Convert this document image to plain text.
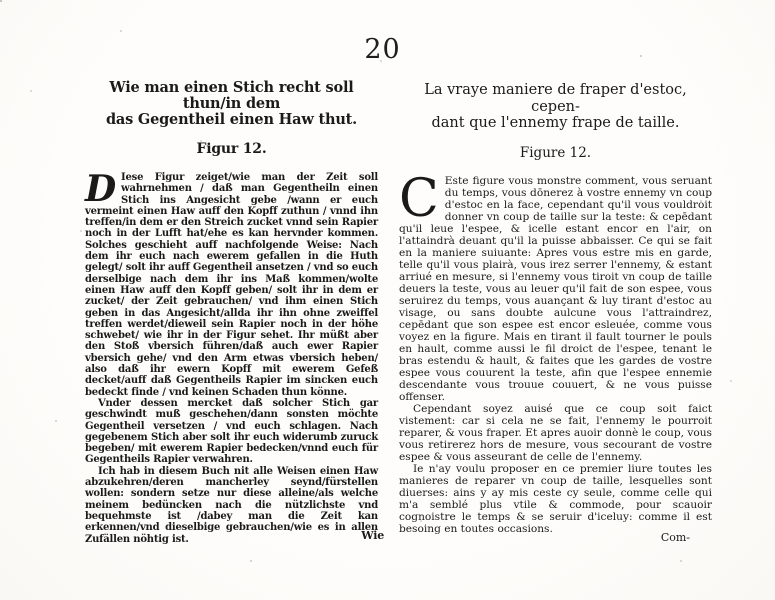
20
Wie man einen Stich recht soll thun/in dem
das Gegentheil einen Haw thut.
Figur 12.

D Iese Figur zeiget/wie man der Zeit soll wahrnehmen / daß man Gegentheiln einen Stich ins Angesicht gebe /wann er euch vermeint einen Haw auff den Kopff zuthun / vnnd ihn treffen/in dem er den Streich zucket vnnd sein Rapier noch in der Lufft hat/ehe es kan hervnder kommen. Solches geschieht auff nachfolgende Weise: Nach dem ihr euch nach ewerem gefallen in die Huth gelegt/ solt ihr auff Gegentheil ansetzen / vnd so euch derselbige nach dem ihr ins Maß kommen/wolte einen Haw auff den Kopff geben/ solt ihr in dem er zucket/ der Zeit gebrauchen/ vnd ihm einen Stich geben in das Angesicht/allda ihr ihn ohne zweiffel treffen werdet/dieweil sein Rapier noch in der höhe schwebet/ wie ihr in der Figur sehet. Ihr müßt aber den Stoß vbersich führen/daß auch ewer Rapier vbersich gehe/ vnd den Arm etwas vbersich heben/ also daß ihr ewern Kopff mit ewerem Gefeß decket/auff daß Gegentheils Rapier im sincken euch bedeckt finde / vnd keinen Schaden thun könne.

Vnder dessen mercket daß solcher Stich gar geschwindt muß geschehen/dann sonsten möchte Gegentheil versetzen / vnd euch schlagen. Nach gegebenem Stich aber solt ihr euch widerumb zuruck begeben/ mit ewerem Rapier bedecken/vnnd euch für Gegentheils Rapier verwahren.

Ich hab in diesem Buch nit alle Weisen einen Haw abzukehren/deren mancherley seynd/fürstellen wollen: sondern setze nur diese alleine/als welche meinem bedüncken nach die nützlichste vnd bequehmste ist /dabey man die Zeit kan erkennen/vnd dieselbige gebrauchen/wie es in allen Zufällen nöhtig ist.	Wie
La vraye maniere de fraper d'estoc, cepen-
dant que l'ennemy frape de taille.
Figure 12.

C Este figure vous monstre comment, vous seruant du temps, vous dōnerez à vostre ennemy vn coup d'estoc en la face, cependant qu'il vous vouldroit donner vn coup de taille sur la teste: & cepēdant qu'il leue l'espee, & icelle estant encor en l'air, on l'attaindrà deuant qu'il la puisse abbaisser. Ce qui se fait en la maniere suiuante: Apres vous estre mis en garde, telle qu'il vous plairà, vous irez serrer l'ennemy, & estant arriué en mesure, si l'ennemy vous tiroit vn coup de taille deuers la teste, vous au leuer qu'il fait de son espee, vous seruirez du temps, vous auançant & luy tirant d'estoc au visage, ou sans doubte aulcune vous l'attraindrez, cepēdant que son espee est encor esleuée, comme vous voyez en la figure. Mais en tirant il fault tourner le pouls en hault, comme aussi le fil droict de l'espee, tenant le bras estendu & hault, & faites que les gardes de vostre espee vous couurent la teste, afin que l'espee ennemie descendante vous trouue couuert, & ne vous puisse offenser.

Cependant soyez auisé que ce coup soit faict vistement: car si cela ne se fait, l'ennemy le pourroit reparer, & vous fraper. Et apres auoir donnè le coup, vous vous retirerez hors de mesure, vous secourant de vostre espee & vous asseurant de celle de l'ennemy.

Ie n'ay voulu proposer en ce premier liure toutes les manieres de reparer vn coup de taille, lesquelles sont diuerses: ains y ay mis ceste cy seule, comme celle qui m'a semblé plus vtile & commode, pour scauoir cognoistre le temps & se seruir d'iceluy: comme il est besoing en toutes occasions.

Com-
